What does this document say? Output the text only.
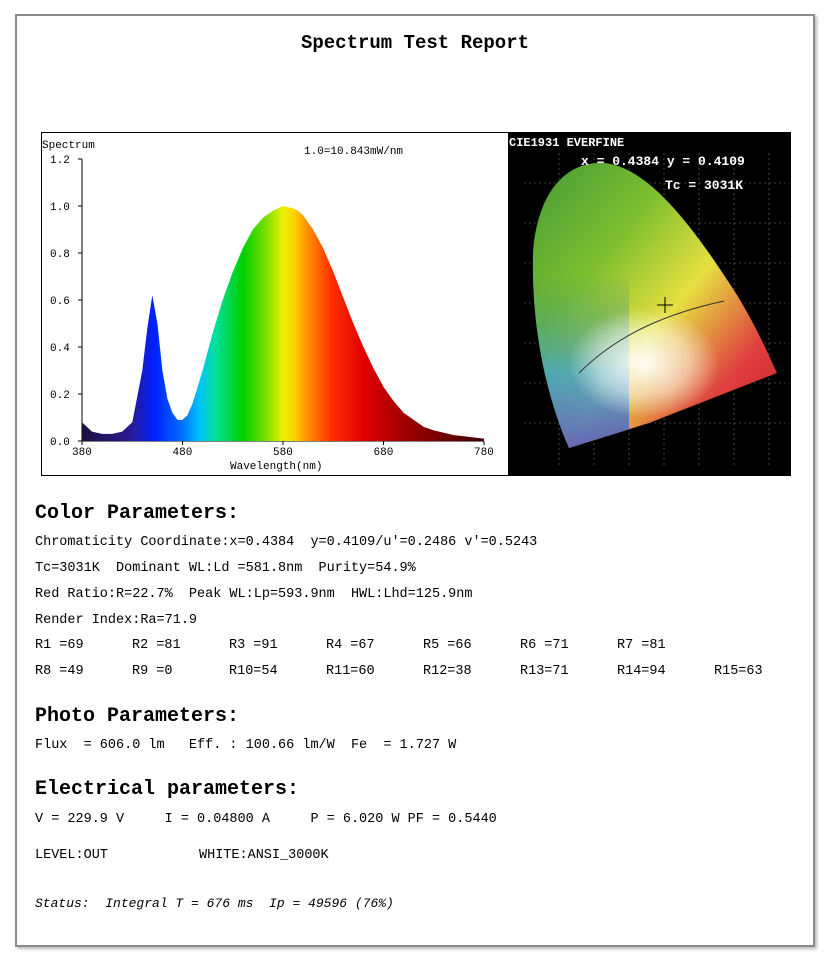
Spectrum Test Report
1.2
1.0
0.8
0.6
0.4
0.2
0.0
380	480	580	680	780
Spectrum	1.0=10.843mW/nm
Wavelength(nm)
CIE1931 EVERFINE
x = 0.4384 y = 0.4109
Tc = 3031K
Color Parameters:
Chromaticity Coordinate:x=0.4384  y=0.4109/u'=0.2486 v'=0.5243
Tc=3031K  Dominant WL:Ld =581.8nm  Purity=54.9%
Red Ratio:R=22.7%  Peak WL:Lp=593.9nm  HWL:Lhd=125.9nm
Render Index:Ra=71.9
R1 =69	R2 =81	R3 =91	R4 =67	R5 =66	R6 =71	R7 =81
R8 =49	R9 =0	R10=54	R11=60	R12=38	R13=71	R14=94	R15=63
Photo Parameters:
Flux  = 606.0 lm   Eff. : 100.66 lm/W  Fe  = 1.727 W
Electrical parameters:
V = 229.9 V     I = 0.04800 A     P = 6.020 W PF = 0.5440
LEVEL:OUT	WHITE:ANSI_3000K
Status:  Integral T = 676 ms  Ip = 49596 (76%)
